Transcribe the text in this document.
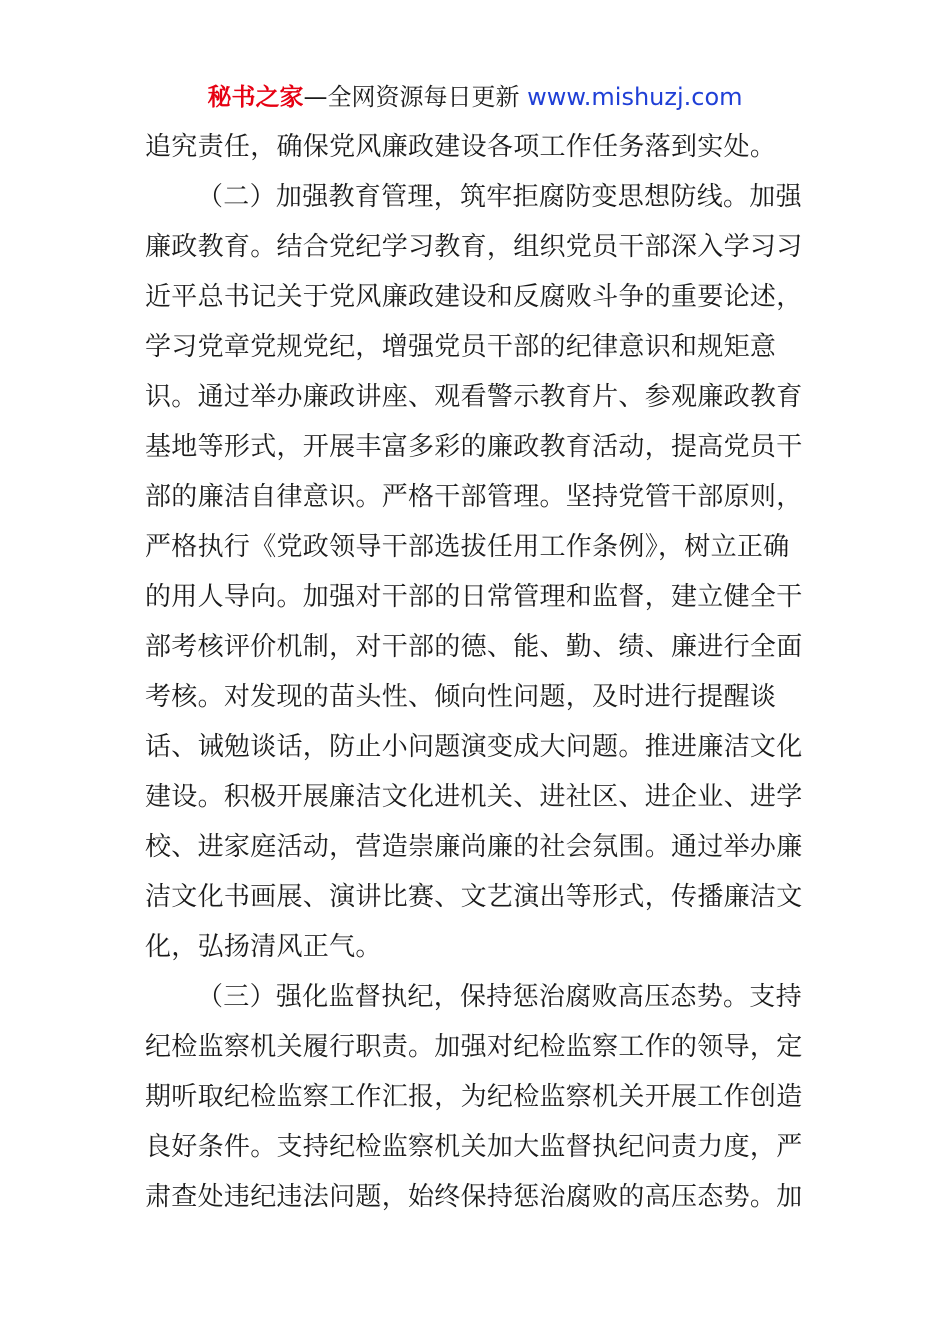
秘书之家—全网资源每日更新 www.mishuzj.com
追究责任，确保党风廉政建设各项工作任务落到实处。
（二）加强教育管理，筑牢拒腐防变思想防线。加强
廉政教育。结合党纪学习教育，组织党员干部深入学习习
近平总书记关于党风廉政建设和反腐败斗争的重要论述，
学习党章党规党纪，增强党员干部的纪律意识和规矩意
识。通过举办廉政讲座、观看警示教育片、参观廉政教育
基地等形式，开展丰富多彩的廉政教育活动，提高党员干
部的廉洁自律意识。严格干部管理。坚持党管干部原则，
严格执行《党政领导干部选拔任用工作条例》，树立正确
的用人导向。加强对干部的日常管理和监督，建立健全干
部考核评价机制，对干部的德、能、勤、绩、廉进行全面
考核。对发现的苗头性、倾向性问题，及时进行提醒谈
话、诫勉谈话，防止小问题演变成大问题。推进廉洁文化
建设。积极开展廉洁文化进机关、进社区、进企业、进学
校、进家庭活动，营造崇廉尚廉的社会氛围。通过举办廉
洁文化书画展、演讲比赛、文艺演出等形式，传播廉洁文
化，弘扬清风正气。
（三）强化监督执纪，保持惩治腐败高压态势。支持
纪检监察机关履行职责。加强对纪检监察工作的领导，定
期听取纪检监察工作汇报，为纪检监察机关开展工作创造
良好条件。支持纪检监察机关加大监督执纪问责力度，严
肃查处违纪违法问题，始终保持惩治腐败的高压态势。加
